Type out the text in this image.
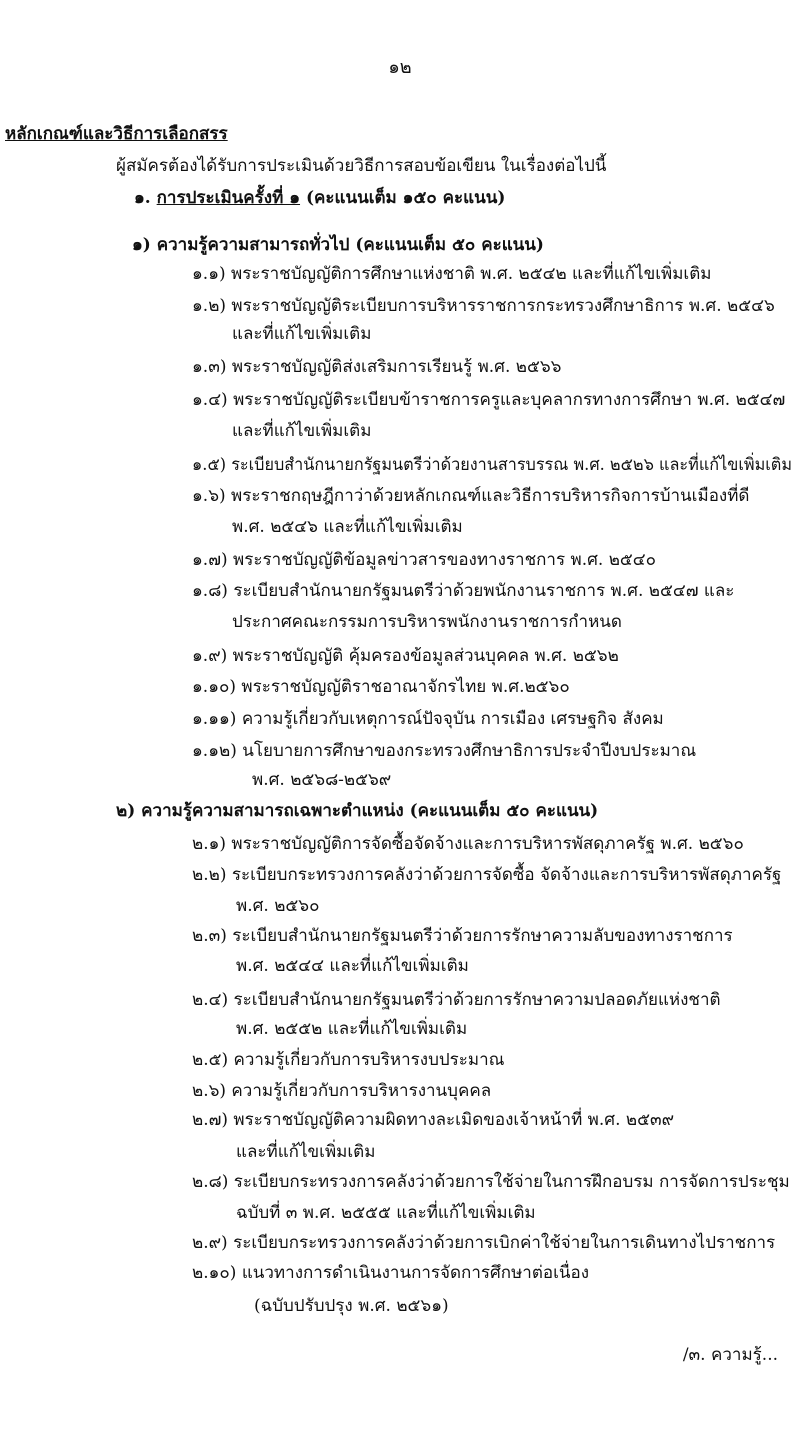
๑๒
หลักเกณฑ์และวิธีการเลือกสรร
ผู้สมัครต้องได้รับการประเมินด้วยวิธีการสอบข้อเขียน ในเรื่องต่อไปนี้
๑. การประเมินครั้งที่ ๑ (คะแนนเต็ม ๑๕๐ คะแนน)
๑) ความรู้ความสามารถทั่วไป (คะแนนเต็ม ๕๐ คะแนน)
๑.๑) พระราชบัญญัติการศึกษาแห่งชาติ พ.ศ. ๒๕๔๒ และที่แก้ไขเพิ่มเติม
๑.๒) พระราชบัญญัติระเบียบการบริหารราชการกระทรวงศึกษาธิการ พ.ศ. ๒๕๔๖
และที่แก้ไขเพิ่มเติม
๑.๓) พระราชบัญญัติส่งเสริมการเรียนรู้ พ.ศ. ๒๕๖๖
๑.๔) พระราชบัญญัติระเบียบข้าราชการครูและบุคลากรทางการศึกษา พ.ศ. ๒๕๔๗
และที่แก้ไขเพิ่มเติม
๑.๕) ระเบียบสำนักนายกรัฐมนตรีว่าด้วยงานสารบรรณ พ.ศ. ๒๕๒๖ และที่แก้ไขเพิ่มเติม
๑.๖) พระราชกฤษฎีกาว่าด้วยหลักเกณฑ์และวิธีการบริหารกิจการบ้านเมืองที่ดี
พ.ศ. ๒๕๔๖ และที่แก้ไขเพิ่มเติม
๑.๗) พระราชบัญญัติข้อมูลข่าวสารของทางราชการ พ.ศ. ๒๕๔๐
๑.๘) ระเบียบสำนักนายกรัฐมนตรีว่าด้วยพนักงานราชการ พ.ศ. ๒๕๔๗ และ
ประกาศคณะกรรมการบริหารพนักงานราชการกำหนด
๑.๙) พระราชบัญญัติ คุ้มครองข้อมูลส่วนบุคคล พ.ศ. ๒๕๖๒
๑.๑๐) พระราชบัญญัติราชอาณาจักรไทย พ.ศ.๒๕๖๐
๑.๑๑) ความรู้เกี่ยวกับเหตุการณ์ปัจจุบัน การเมือง เศรษฐกิจ สังคม
๑.๑๒) นโยบายการศึกษาของกระทรวงศึกษาธิการประจำปีงบประมาณ
พ.ศ. ๒๕๖๘-๒๕๖๙
๒) ความรู้ความสามารถเฉพาะตำแหน่ง (คะแนนเต็ม ๕๐ คะแนน)
๒.๑) พระราชบัญญัติการจัดซื้อจัดจ้างและการบริหารพัสดุภาครัฐ พ.ศ. ๒๕๖๐
๒.๒) ระเบียบกระทรวงการคลังว่าด้วยการจัดซื้อ จัดจ้างและการบริหารพัสดุภาครัฐ
พ.ศ. ๒๕๖๐
๒.๓) ระเบียบสำนักนายกรัฐมนตรีว่าด้วยการรักษาความลับของทางราชการ
พ.ศ. ๒๕๔๔ และที่แก้ไขเพิ่มเติม
๒.๔) ระเบียบสำนักนายกรัฐมนตรีว่าด้วยการรักษาความปลอดภัยแห่งชาติ
พ.ศ. ๒๕๕๒ และที่แก้ไขเพิ่มเติม
๒.๕) ความรู้เกี่ยวกับการบริหารงบประมาณ
๒.๖) ความรู้เกี่ยวกับการบริหารงานบุคคล
๒.๗) พระราชบัญญัติความผิดทางละเมิดของเจ้าหน้าที่ พ.ศ. ๒๕๓๙
และที่แก้ไขเพิ่มเติม
๒.๘) ระเบียบกระทรวงการคลังว่าด้วยการใช้จ่ายในการฝึกอบรม การจัดการประชุม
ฉบับที่ ๓ พ.ศ. ๒๕๕๕ และที่แก้ไขเพิ่มเติม
๒.๙) ระเบียบกระทรวงการคลังว่าด้วยการเบิกค่าใช้จ่ายในการเดินทางไปราชการ
๒.๑๐) แนวทางการดำเนินงานการจัดการศึกษาต่อเนื่อง
(ฉบับปรับปรุง พ.ศ. ๒๕๖๑)
/๓. ความรู้...
